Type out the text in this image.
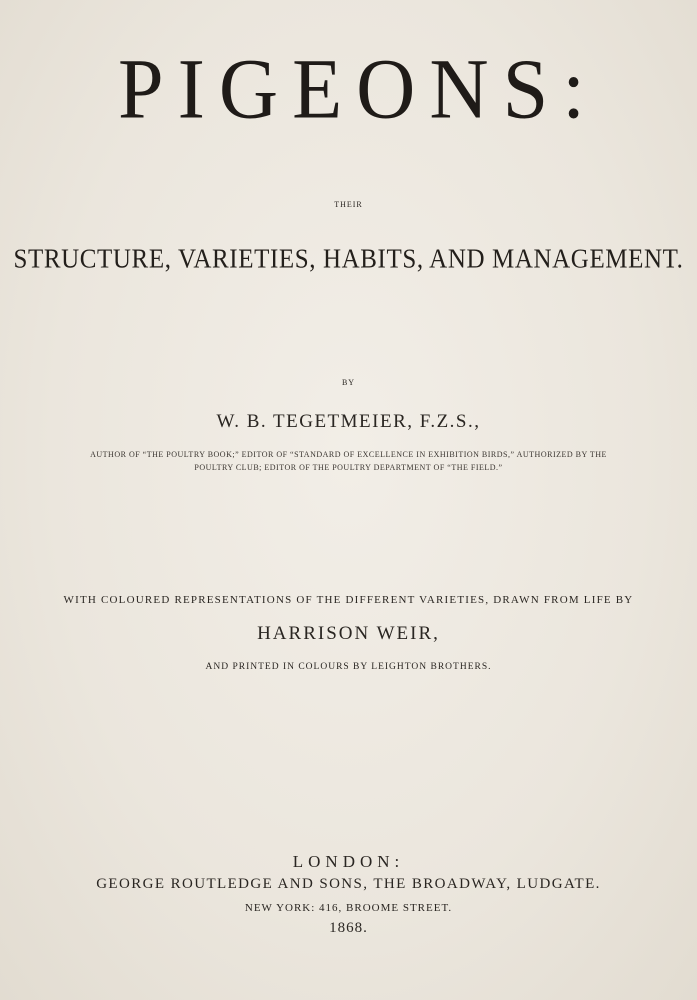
PIGEONS:

THEIR

STRUCTURE, VARIETIES, HABITS, AND MANAGEMENT.

BY

W. B. TEGETMEIER, F.Z.S.,

AUTHOR OF “THE POULTRY BOOK;” EDITOR OF “STANDARD OF EXCELLENCE IN EXHIBITION BIRDS,” AUTHORIZED BY THE
POULTRY CLUB; EDITOR OF THE POULTRY DEPARTMENT OF “THE FIELD.”

WITH COLOURED REPRESENTATIONS OF THE DIFFERENT VARIETIES, DRAWN FROM LIFE BY

HARRISON WEIR,

AND PRINTED IN COLOURS BY LEIGHTON BROTHERS.

LONDON:

GEORGE ROUTLEDGE AND SONS, THE BROADWAY, LUDGATE.

NEW YORK: 416, BROOME STREET.

1868.
